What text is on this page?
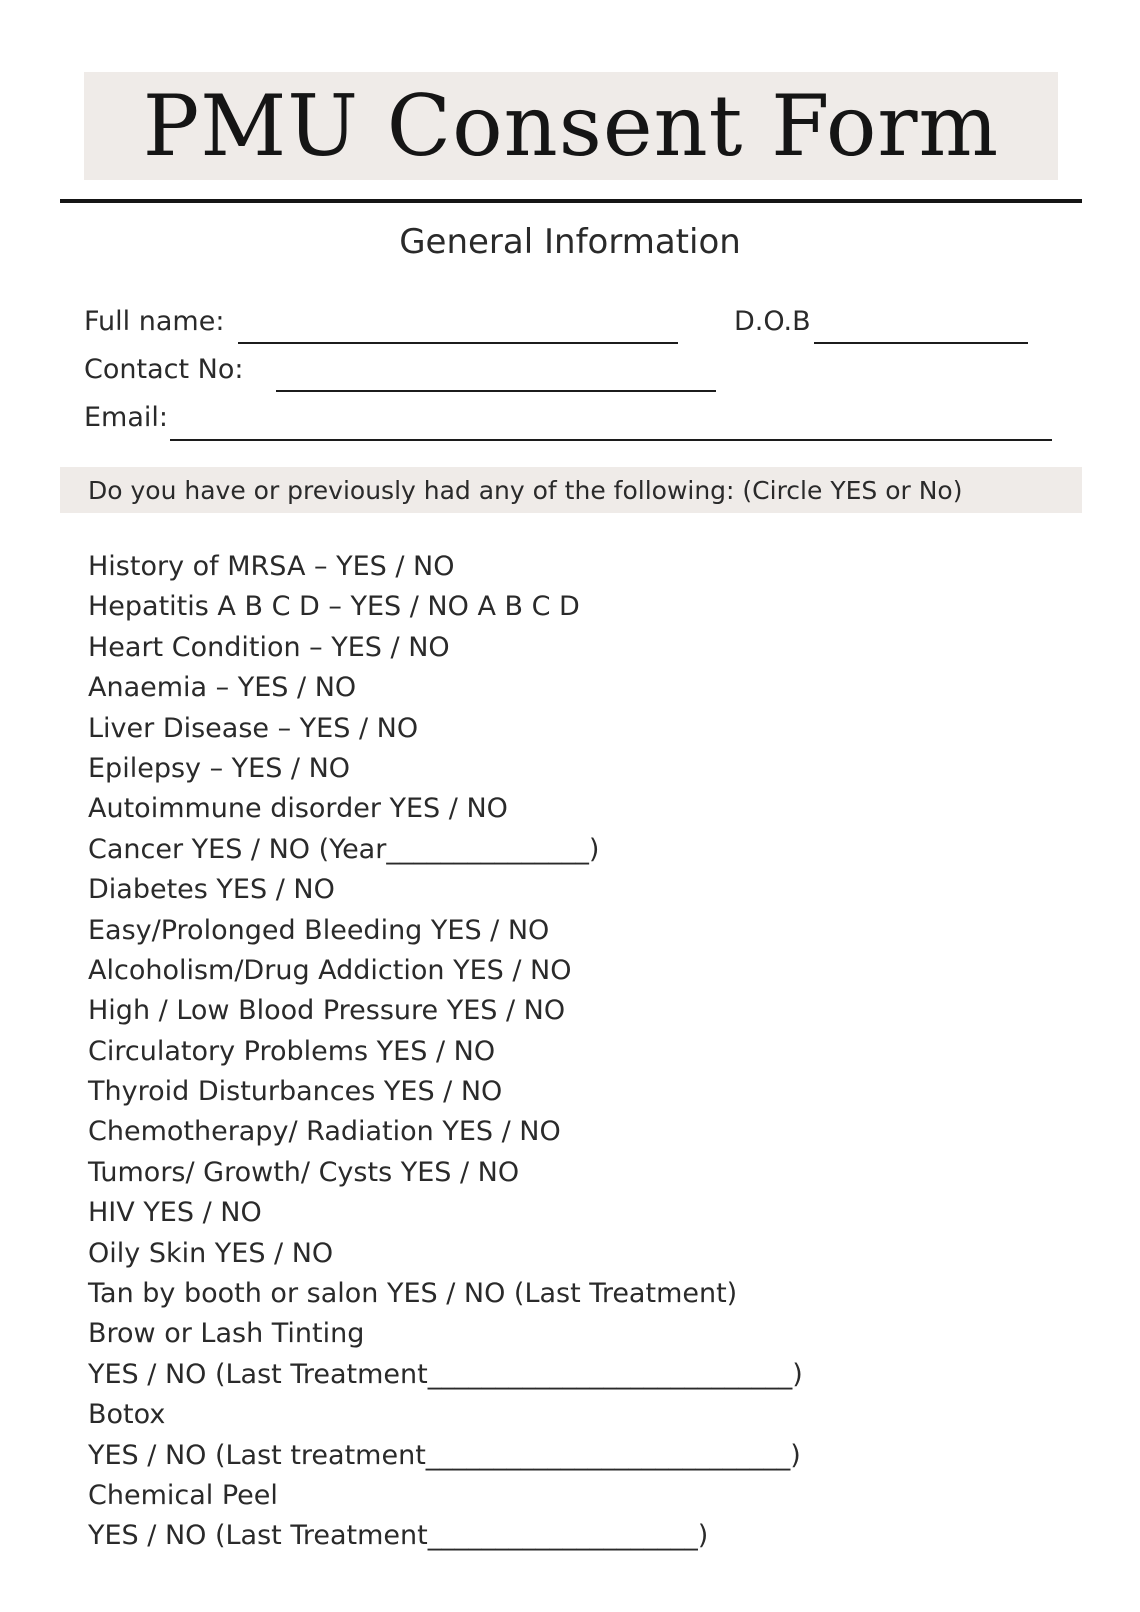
PMU Consent Form
General Information
Full name:	D.O.B
Contact No:
Email:
Do you have or previously had any of the following: (Circle YES or No)
History of MRSA – YES / NO
Hepatitis A B C D – YES / NO A B C D
Heart Condition – YES / NO
Anaemia – YES / NO
Liver Disease – YES / NO
Epilepsy – YES / NO
Autoimmune disorder YES / NO
Cancer YES / NO (Year_______________)
Diabetes YES / NO
Easy/Prolonged Bleeding YES / NO
Alcoholism/Drug Addiction YES / NO
High / Low Blood Pressure YES / NO
Circulatory Problems YES / NO
Thyroid Disturbances YES / NO
Chemotherapy/ Radiation YES / NO
Tumors/ Growth/ Cysts YES / NO
HIV YES / NO
Oily Skin YES / NO
Tan by booth or salon YES / NO (Last Treatment)
Brow or Lash Tinting
YES / NO (Last Treatment___________________________)
Botox
YES / NO (Last treatment___________________________)
Chemical Peel
YES / NO (Last Treatment____________________)
